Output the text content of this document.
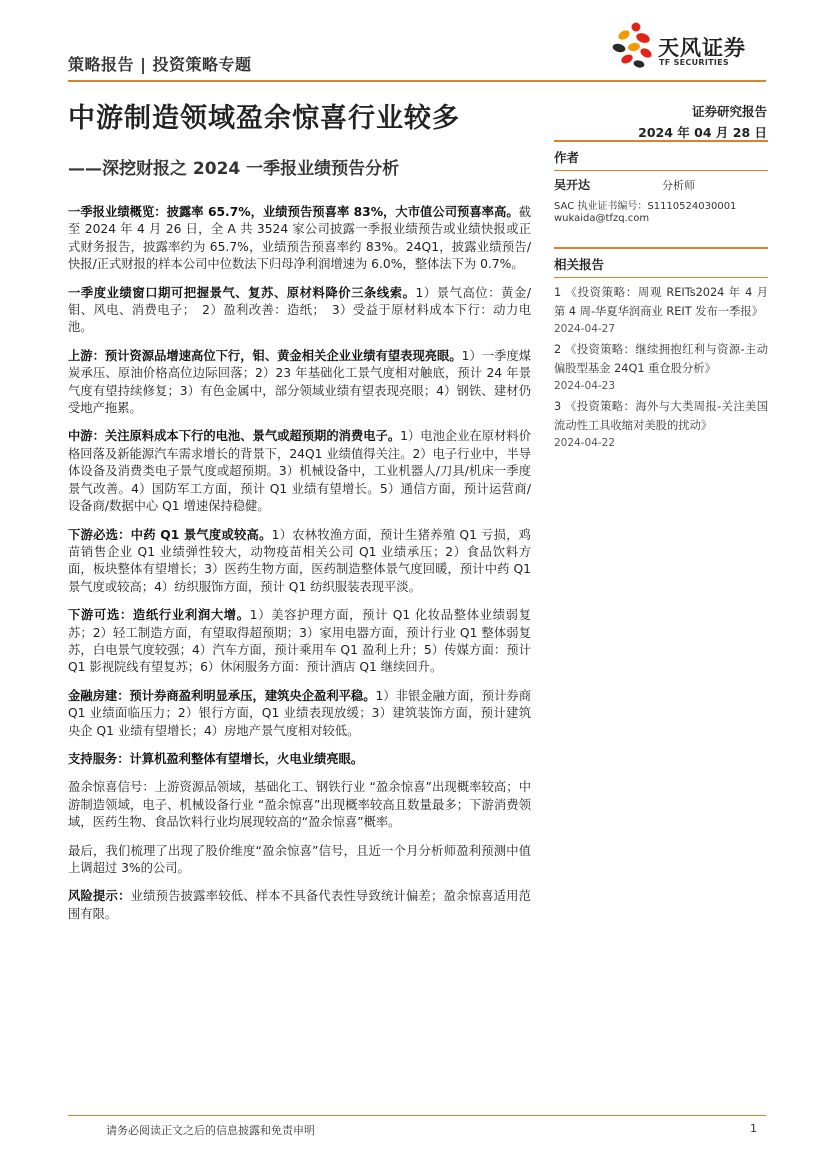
策略报告 | 投资策略专题
天风证券
TF SECURITIES
中游制造领域盈余惊喜行业较多
——深挖财报之 2024 一季报业绩预告分析
证券研究报告
2024 年 04 月 28 日

一季报业绩概览：披露率 65.7%，业绩预告预喜率 83%，大市值公司预喜率高。截至 2024 年 4 月 26 日，全 A 共 3524 家公司披露一季报业绩预告或业绩快报或正式财务报告，披露率约为 65.7%，业绩预告预喜率约 83%。24Q1，披露业绩预告/快报/正式财报的样本公司中位数法下归母净利润增速为 6.0%，整体法下为 0.7%。

一季度业绩窗口期可把握景气、复苏、原材料降价三条线索。1）景气高位：黄金/钼、风电、消费电子；　2）盈利改善：造纸；　3）受益于原材料成本下行：动力电池。

上游：预计资源品增速高位下行，钼、黄金相关企业业绩有望表现亮眼。1）一季度煤炭承压、原油价格高位边际回落；2）23 年基础化工景气度相对触底，预计 24 年景气度有望持续修复；3）有色金属中，部分领域业绩有望表现亮眼；4）钢铁、建材仍受地产拖累。

中游：关注原料成本下行的电池、景气或超预期的消费电子。1）电池企业在原材料价格回落及新能源汽车需求增长的背景下，24Q1 业绩值得关注。2）电子行业中，半导体设备及消费类电子景气度或超预期。3）机械设备中，工业机器人/刀具/机床一季度景气改善。4）国防军工方面，预计 Q1 业绩有望增长。5）通信方面，预计运营商/设备商/数据中心 Q1 增速保持稳健。

下游必选：中药 Q1 景气度或较高。1）农林牧渔方面，预计生猪养殖 Q1 亏损，鸡苗销售企业 Q1 业绩弹性较大，动物疫苗相关公司 Q1 业绩承压；2）食品饮料方面，板块整体有望增长；3）医药生物方面，医药制造整体景气度回暖，预计中药 Q1 景气度或较高；4）纺织服饰方面，预计 Q1 纺织服装表现平淡。

下游可选：造纸行业利润大增。1）美容护理方面，预计 Q1 化妆品整体业绩弱复苏；2）轻工制造方面，有望取得超预期；3）家用电器方面，预计行业 Q1 整体弱复苏，白电景气度较强；4）汽车方面，预计乘用车 Q1 盈利上升；5）传媒方面：预计 Q1 影视院线有望复苏；6）休闲服务方面：预计酒店 Q1 继续回升。

金融房建：预计券商盈利明显承压，建筑央企盈利平稳。1）非银金融方面，预计券商 Q1 业绩面临压力；2）银行方面，Q1 业绩表现放缓；3）建筑装饰方面，预计建筑央企 Q1 业绩有望增长；4）房地产景气度相对较低。

支持服务：计算机盈利整体有望增长，火电业绩亮眼。

盈余惊喜信号：上游资源品领域，基础化工、钢铁行业 “盈余惊喜”出现概率较高；中游制造领域，电子、机械设备行业 “盈余惊喜”出现概率较高且数量最多；下游消费领域，医药生物、食品饮料行业均展现较高的“盈余惊喜”概率。

最后，我们梳理了出现了股价维度“盈余惊喜”信号，且近一个月分析师盈利预测中值上调超过 3%的公司。

风险提示：业绩预告披露率较低、样本不具备代表性导致统计偏差；盈余惊喜适用范围有限。

作者
吴开达	分析师
SAC 执业证书编号：S1110524030001
wukaida@tfzq.com
相关报告
1 《投资策略：周观 REITs2024 年 4 月第 4 周-华夏华润商业 REIT 发布一季报》
2024-04-27
2 《投资策略：继续拥抱红利与资源-主动偏股型基金 24Q1 重仓股分析》
2024-04-23
3 《投资策略：海外与大类周报-关注美国流动性工具收缩对美股的扰动》
2024-04-22
请务必阅读正文之后的信息披露和免责申明	1
